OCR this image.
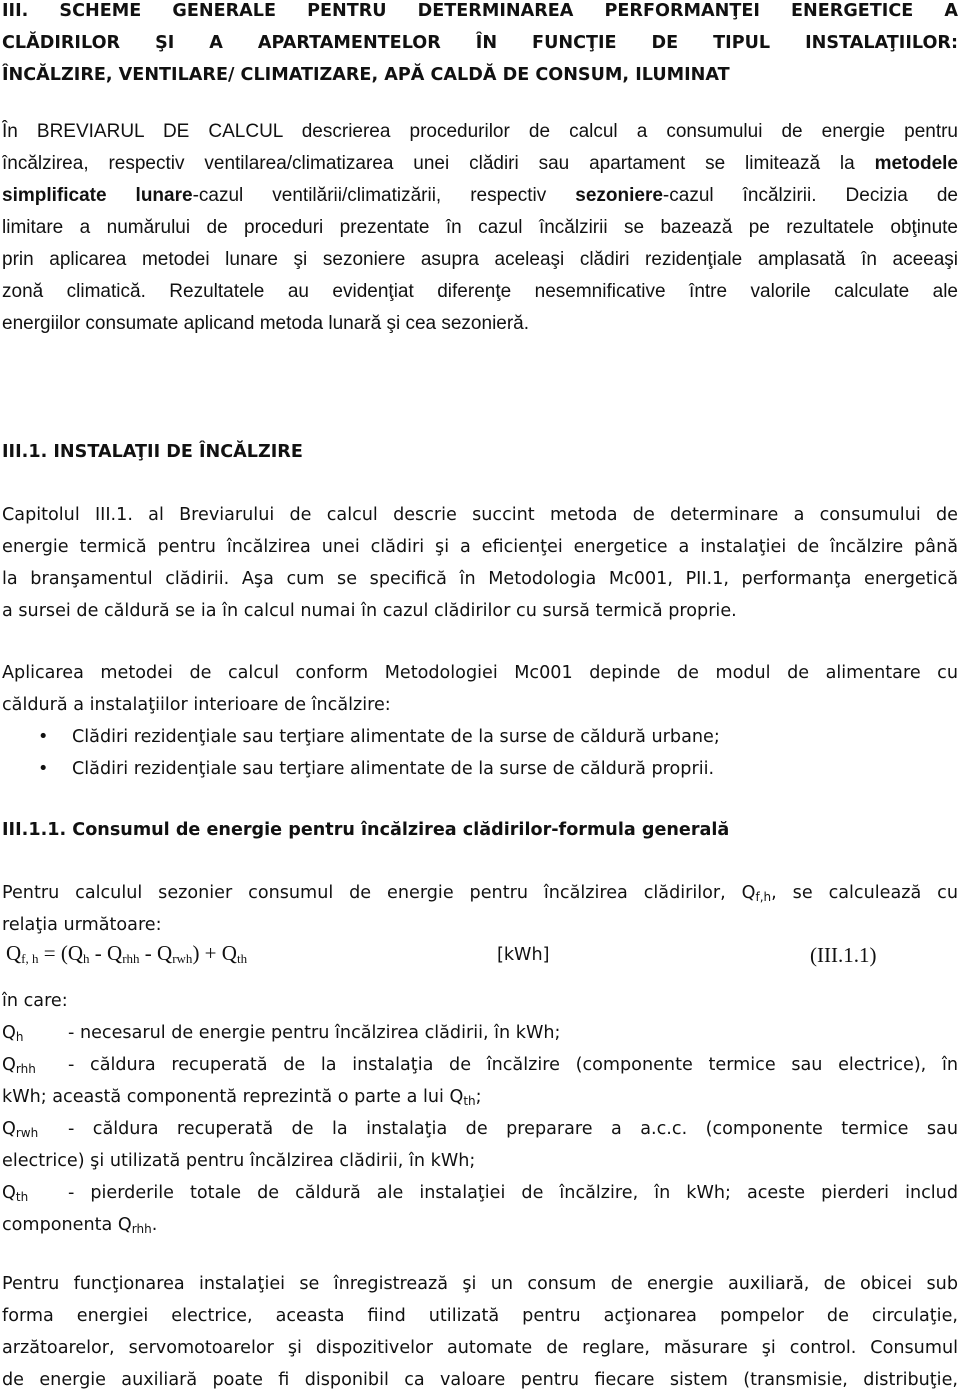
III. SCHEME GENERALE PENTRU DETERMINAREA PERFORMANŢEI ENERGETICE A
CLĂDIRILOR ŞI A APARTAMENTELOR ÎN FUNCŢIE DE TIPUL INSTALAŢIILOR:
ÎNCĂLZIRE, VENTILARE/ CLIMATIZARE, APĂ CALDĂ DE CONSUM, ILUMINAT
În BREVIARUL DE CALCUL descrierea procedurilor de calcul a consumului de energie pentru
încălzirea, respectiv ventilarea/climatizarea unei clădiri sau apartament se limitează la metodele
simplificate lunare-cazul ventilării/climatizării, respectiv sezoniere-cazul încălzirii. Decizia de
limitare a numărului de proceduri prezentate în cazul încălzirii se bazează pe rezultatele obţinute
prin aplicarea metodei lunare şi sezoniere asupra aceleaşi clădiri rezidenţiale amplasată în aceeaşi
zonă climatică. Rezultatele au evidenţiat diferenţe nesemnificative între valorile calculate ale
energiilor consumate aplicand metoda lunară şi cea sezonieră.
III.1. INSTALAŢII DE ÎNCĂLZIRE
Capitolul III.1. al Breviarului de calcul descrie succint metoda de determinare a consumului de
energie termică pentru încălzirea unei clădiri şi a eficienţei energetice a instalaţiei de încălzire până
la branşamentul clădirii. Aşa cum se specifică în Metodologia Mc001, PII.1, performanţa energetică
a sursei de căldură se ia în calcul numai în cazul clădirilor cu sursă termică proprie.
Aplicarea metodei de calcul conform Metodologiei Mc001 depinde de modul de alimentare cu
căldură a instalaţiilor interioare de încălzire:
• Clădiri rezidenţiale sau terţiare alimentate de la surse de căldură urbane;
• Clădiri rezidenţiale sau terţiare alimentate de la surse de căldură proprii.
III.1.1. Consumul de energie pentru încălzirea clădirilor-formula generală
Pentru calculul sezonier consumul de energie pentru încălzirea clădirilor, $Q_{f,h}$, se calculează cu
relaţia următoare:
$Q_{f, h} = (Q_h - Q_{rhh} - Q_{rwh}) + Q_{th}$	[kWh]	(III.1.1)
în care:
$Q_h$	- necesarul de energie pentru încălzirea clădirii, în kWh;
$Q_{rhh}$ - căldura recuperată de la instalaţia de încălzire (componente termice sau electrice), în
kWh; această componentă reprezintă o parte a lui $Q_{th}$;
$Q_{rwh}$ - căldura recuperată de la instalaţia de preparare a a.c.c. (componente termice sau
electrice) şi utilizată pentru încălzirea clădirii, în kWh;
$Q_{th}$ - pierderile totale de căldură ale instalaţiei de încălzire, în kWh; aceste pierderi includ
componenta $Q_{rhh}$.
Pentru funcţionarea instalaţiei se înregistrează şi un consum de energie auxiliară, de obicei sub
forma energiei electrice, aceasta fiind utilizată pentru acţionarea pompelor de circulaţie,
arzătoarelor, servomotoarelor şi dispozitivelor automate de reglare, măsurare şi control. Consumul
de energie auxiliară poate fi disponibil ca valoare pentru fiecare sistem (transmisie, distribuţie,
